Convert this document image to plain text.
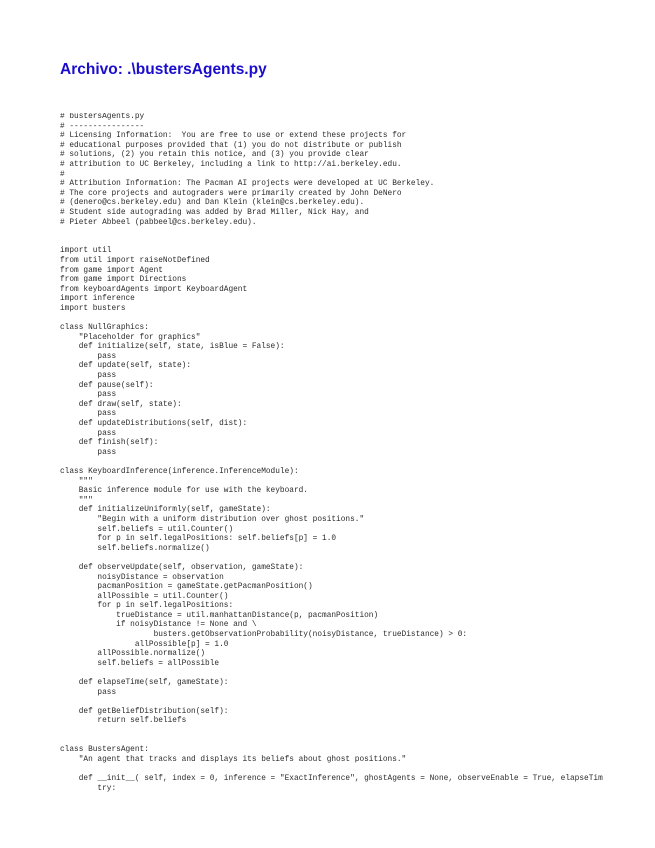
Archivo: .\bustersAgents.py
# bustersAgents.py
# ----------------
# Licensing Information:  You are free to use or extend these projects for
# educational purposes provided that (1) you do not distribute or publish
# solutions, (2) you retain this notice, and (3) you provide clear
# attribution to UC Berkeley, including a link to http://ai.berkeley.edu.
#
# Attribution Information: The Pacman AI projects were developed at UC Berkeley.
# The core projects and autograders were primarily created by John DeNero
# (denero@cs.berkeley.edu) and Dan Klein (klein@cs.berkeley.edu).
# Student side autograding was added by Brad Miller, Nick Hay, and
# Pieter Abbeel (pabbeel@cs.berkeley.edu).
import util
from util import raiseNotDefined
from game import Agent
from game import Directions
from keyboardAgents import KeyboardAgent
import inference
import busters
class NullGraphics:
"Placeholder for graphics"
def initialize(self, state, isBlue = False):
pass
def update(self, state):
pass
def pause(self):
pass
def draw(self, state):
pass
def updateDistributions(self, dist):
pass
def finish(self):
pass
class KeyboardInference(inference.InferenceModule):
"""
Basic inference module for use with the keyboard.
"""
def initializeUniformly(self, gameState):
"Begin with a uniform distribution over ghost positions."
self.beliefs = util.Counter()
for p in self.legalPositions: self.beliefs[p] = 1.0
self.beliefs.normalize()
def observeUpdate(self, observation, gameState):
noisyDistance = observation
pacmanPosition = gameState.getPacmanPosition()
allPossible = util.Counter()
for p in self.legalPositions:
trueDistance = util.manhattanDistance(p, pacmanPosition)
if noisyDistance != None and \
busters.getObservationProbability(noisyDistance, trueDistance) > 0:
allPossible[p] = 1.0
allPossible.normalize()
self.beliefs = allPossible
def elapseTime(self, gameState):
pass
def getBeliefDistribution(self):
return self.beliefs
class BustersAgent:
"An agent that tracks and displays its beliefs about ghost positions."
def __init__( self, index = 0, inference = "ExactInference", ghostAgents = None, observeEnable = True, elapseTim
try:
